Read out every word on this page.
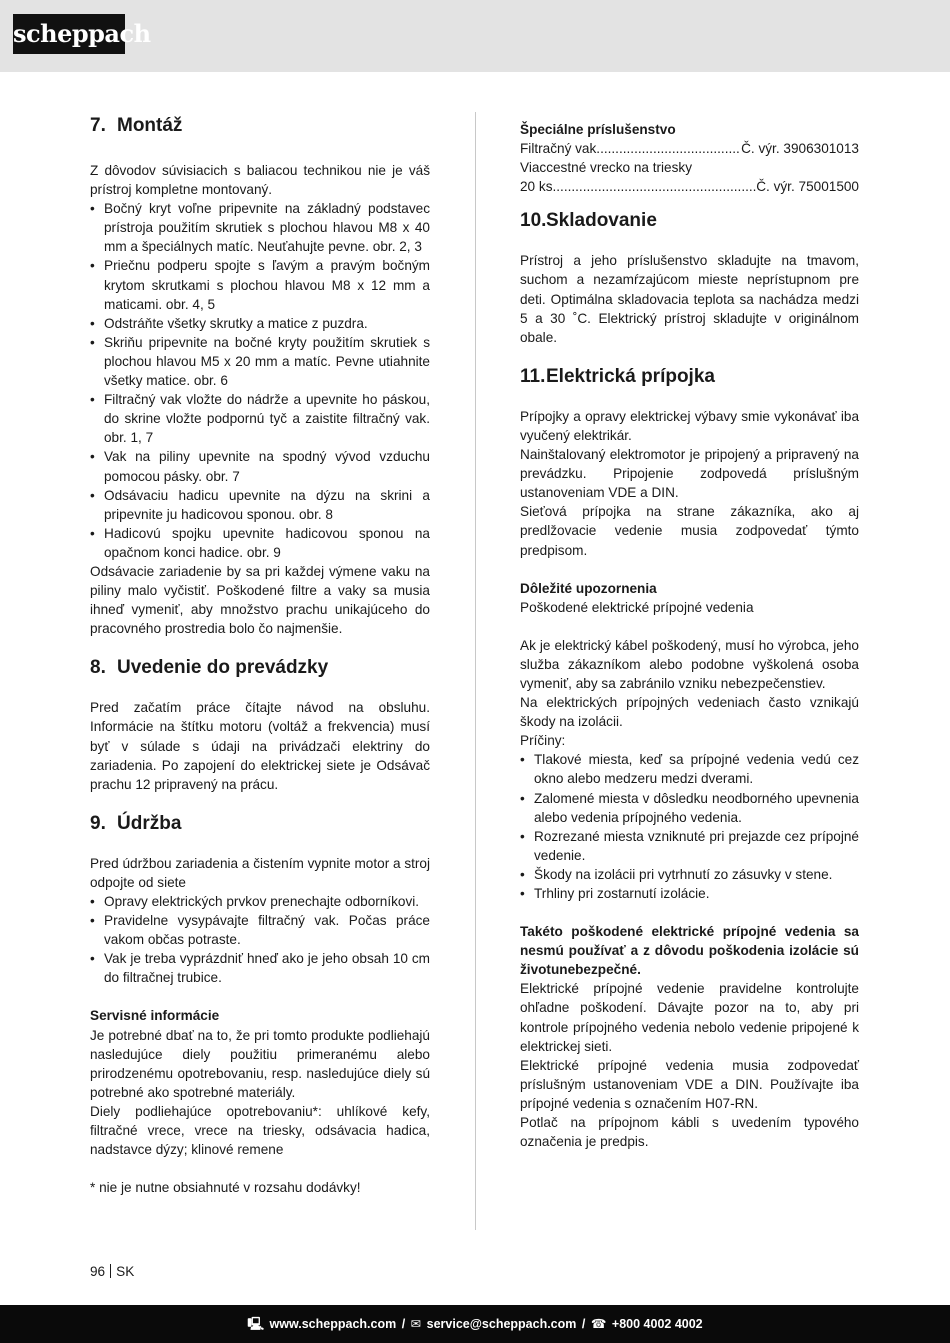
scheppach
7. Montáž

Z dôvodov súvisiacich s baliacou technikou nie je váš prístroj kompletne montovaný.

• Bočný kryt voľne pripevnite na základný podstavec prístroja použitím skrutiek s plochou hlavou M8 x 40 mm a špeciálnych matíc. Neuťahujte pevne. obr. 2, 3
• Priečnu podperu spojte s ľavým a pravým bočným krytom skrutkami s plochou hlavou M8 x 12 mm a maticami. obr. 4, 5
• Odstráňte všetky skrutky a matice z puzdra.
• Skriňu pripevnite na bočné kryty použitím skrutiek s plochou hlavou M5 x 20 mm a matíc. Pevne utiahnite všetky matice. obr. 6
• Filtračný vak vložte do nádrže a upevnite ho páskou, do skrine vložte podpornú tyč a zaistite filtračný vak. obr. 1, 7
• Vak na piliny upevnite na spodný vývod vzduchu pomocou pásky. obr. 7
• Odsávaciu hadicu upevnite na dýzu na skrini a pripevnite ju hadicovou sponou. obr. 8
• Hadicovú spojku upevnite hadicovou sponou na opačnom konci hadice. obr. 9

Odsávacie zariadenie by sa pri každej výmene vaku na piliny malo vyčistiť. Poškodené filtre a vaky sa musia ihneď vymeniť, aby množstvo prachu unikajúceho do pracovného prostredia bolo čo najmenšie.

8. Uvedenie do prevádzky

Pred začatím práce čítajte návod na obsluhu. Informácie na štítku motoru (voltáž a frekvencia) musí byť v súlade s údaji na privádzači elektriny do zariadenia. Po zapojení do elektrickej siete je Odsávač prachu 12 pripravený na prácu.

9. Údržba

Pred údržbou zariadenia a čistením vypnite motor a stroj odpojte od siete

• Opravy elektrických prvkov prenechajte odborníkovi.
• Pravidelne vysypávajte filtračný vak. Počas práce vakom občas potraste.
• Vak je treba vyprázdniť hneď ako je jeho obsah 10 cm do filtračnej trubice.

Servisné informácie

Je potrebné dbať na to, že pri tomto produkte podliehajú nasledujúce diely použitiu primeranému alebo prirodzenému opotrebovaniu, resp. nasledujúce diely sú potrebné ako spotrebné materiály.

Diely podliehajúce opotrebovaniu*: uhlíkové kefy, filtračné vrece, vrece na triesky, odsávacia hadica, nadstavce dýzy; klinové remene

* nie je nutne obsiahnuté v rozsahu dodávky!

Špeciálne príslušenstvo

Filtračný vak .....	Č. výr. 3906301013

Viaccestné vrecko na triesky

20 ks .....	Č. výr. 75001500
10.Skladovanie

Prístroj a jeho príslušenstvo skladujte na tmavom, suchom a nezamŕzajúcom mieste neprístupnom pre deti. Optimálna skladovacia teplota sa nachádza medzi 5 a 30 ˚C. Elektrický prístroj skladujte v originálnom obale.

11.Elektrická prípojka

Prípojky a opravy elektrickej výbavy smie vykonávať iba vyučený elektrikár.

Nainštalovaný elektromotor je pripojený a pripravený na prevádzku. Pripojenie zodpovedá príslušným ustanoveniam VDE a DIN.

Sieťová prípojka na strane zákazníka, ako aj predlžovacie vedenie musia zodpovedať týmto predpisom.

Dôležité upozornenia

Poškodené elektrické prípojné vedenia

Ak je elektrický kábel poškodený, musí ho výrobca, jeho služba zákazníkom alebo podobne vyškolená osoba vymeniť, aby sa zabránilo vzniku nebezpečenstiev.

Na elektrických prípojných vedeniach často vznikajú škody na izolácii.

Príčiny:

• Tlakové miesta, keď sa prípojné vedenia vedú cez okno alebo medzeru medzi dverami.
• Zalomené miesta v dôsledku neodborného upevnenia alebo vedenia prípojného vedenia.
• Rozrezané miesta vzniknuté pri prejazde cez prípojné vedenie.
• Škody na izolácii pri vytrhnutí zo zásuvky v stene.
• Trhliny pri zostarnutí izolácie.

Takéto poškodené elektrické prípojné vedenia sa nesmú používať a z dôvodu poškodenia izolácie sú životunebezpečné.

Elektrické prípojné vedenie pravidelne kontrolujte ohľadne poškodení. Dávajte pozor na to, aby pri kontrole prípojného vedenia nebolo vedenie pripojené k elektrickej sieti.

Elektrické prípojné vedenia musia zodpovedať príslušným ustanoveniam VDE a DIN. Používajte iba prípojné vedenia s označením H07-RN.

Potlač na prípojnom kábli s uvedením typového označenia je predpis.

96 SK
🖳 www.scheppach.com / ✉ service@scheppach.com / ☎ +800 4002 4002
